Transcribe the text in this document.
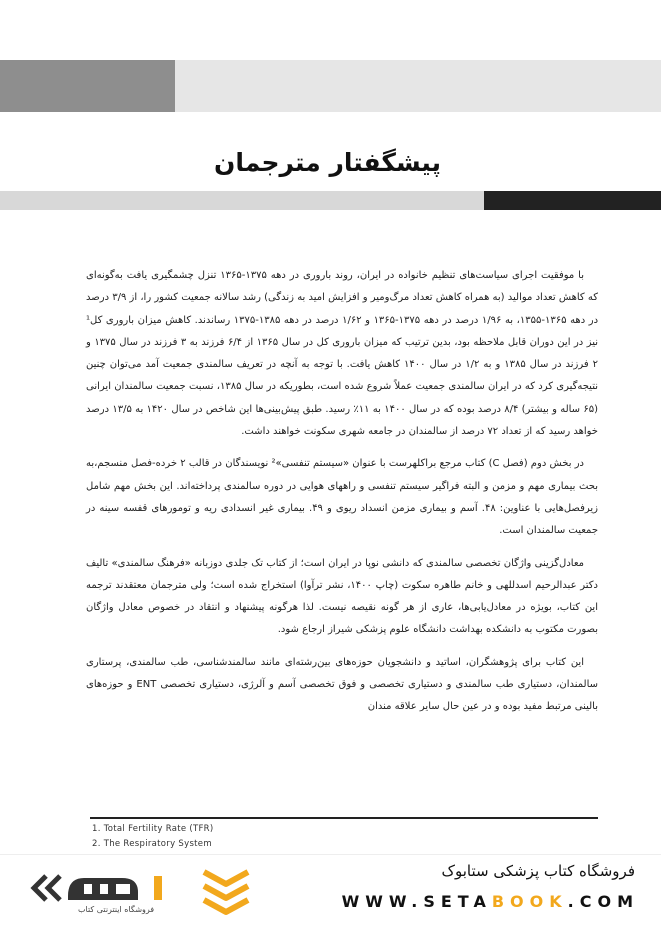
پیشگفتار مترجمان

با موفقیت اجرای سیاست‌های تنظیم خانواده در ایران، روند باروری در دهه ۱۳۷۵-۱۳۶۵ تنزل چشمگیری یافت به‌گونه‌ای که کاهش تعداد موالید (به همراه کاهش تعداد مرگ‌ومیر و افزایش امید به زندگی) رشد سالانه جمعیت کشور را، از ۳/۹ درصد در دهه ۱۳۶۵-۱۳۵۵، به ۱/۹۶ درصد در دهه ۱۳۷۵-۱۳۶۵ و ۱/۶۲ درصد در دهه ۱۳۸۵-۱۳۷۵ رساندند. کاهش میزان باروری کل¹ نیز در این دوران قابل ملاحظه بود، بدین ترتیب که میزان باروری کل در سال ۱۳۶۵ از ۶/۴ فرزند به ۳ فرزند در سال ۱۳۷۵ و ۲ فرزند در سال ۱۳۸۵ و به ۱/۲ در سال ۱۴۰۰ کاهش یافت. با توجه به آنچه در تعریف سالمندی جمعیت آمد می‌توان چنین نتیجه‌گیری کرد که در ایران سالمندی جمعیت عملاً شروع شده است، بطوریکه در سال ۱۳۸۵، نسبت جمعیت سالمندان ایرانی (۶۵ ساله و بیشتر) ۸/۴ درصد بوده که در سال ۱۴۰۰ به ۱۱٪ رسید. طبق پیش‌بینی‌ها این شاخص در سال ۱۴۲۰ به ۱۳/۵ درصد خواهد رسید که از تعداد ۷۲ درصد از سالمندان در جامعه شهری سکونت خواهند داشت.

در بخش دوم (فصل C) کتاب مرجع براکلهرست با عنوان «سیستم تنفسی»² نویسندگان در قالب ۲ خرده-فصل منسجم،به بحث بیماری مهم و مزمن و البته فراگیر سیستم تنفسی و راههای هوایی در دوره سالمندی پرداخته‌اند. این بخش مهم شامل زیرفصل‌هایی با عناوین: ۴۸. آسم و بیماری مزمن انسداد ریوی و ۴۹. بیماری غیر انسدادی ریه و تومورهای قفسه سینه در جمعیت سالمندان است.

معادل‌گزینی واژگان تخصصی سالمندی که دانشی نوپا در ایران است؛ از کتاب تک جلدی دوزبانه «فرهنگ سالمندی» تالیف دکتر عبدالرحیم اسدللهی و خانم طاهره سکوت (چاپ ۱۴۰۰، نشر ترآوا) استخراج شده است؛ ولی مترجمان معتقدند ترجمه این کتاب، بویژه در معادل‌یابی‌ها، عاری از هر گونه نقیصه نیست. لذا هرگونه پیشنهاد و انتقاد در خصوص معادل واژگان بصورت مکتوب به دانشکده بهداشت دانشگاه علوم پزشکی شیراز ارجاع شود.

این کتاب برای پژوهشگران، اساتید و دانشجویان حوزه‌های بین‌رشته‌ای مانند سالمندشناسی، طب سالمندی، پرستاری سالمندان، دستیاری طب سالمندی و دستیاری تخصصی و فوق تخصصی آسم و آلرژی، دستیاری تخصصی ENT و حوزه‌های بالینی مرتبط مفید بوده و در عین حال سایر علاقه مندان

1. Total Fertility Rate (TFR)
2. The Respiratory System
فروشگاه اینترنتی کتاب
فروشگاه کتاب پزشکی ستابوک
WWW.SETABOOK.COM
